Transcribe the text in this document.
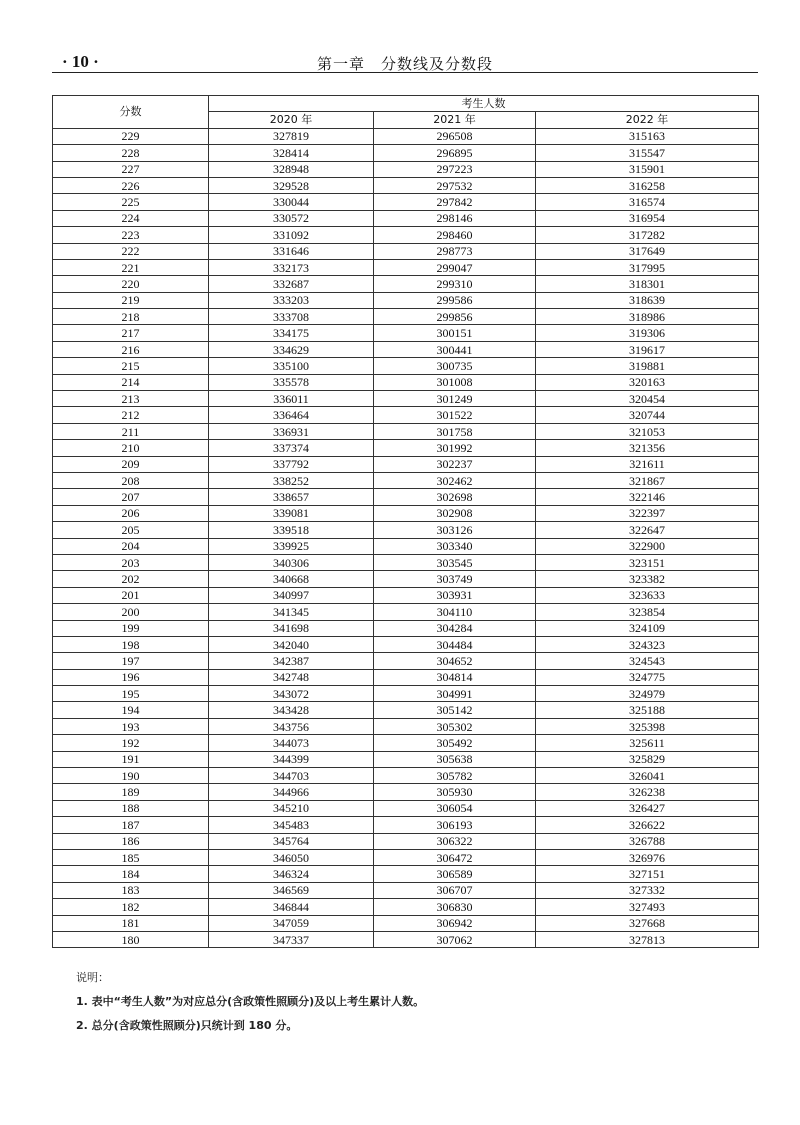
· 10 ·	第一章　分数线及分数段
分数	考生人数		
	2020 年	2021 年	2022 年
229	327819	296508	315163
228	328414	296895	315547
227	328948	297223	315901
226	329528	297532	316258
225	330044	297842	316574
224	330572	298146	316954
223	331092	298460	317282
222	331646	298773	317649
221	332173	299047	317995
220	332687	299310	318301
219	333203	299586	318639
218	333708	299856	318986
217	334175	300151	319306
216	334629	300441	319617
215	335100	300735	319881
214	335578	301008	320163
213	336011	301249	320454
212	336464	301522	320744
211	336931	301758	321053
210	337374	301992	321356
209	337792	302237	321611
208	338252	302462	321867
207	338657	302698	322146
206	339081	302908	322397
205	339518	303126	322647
204	339925	303340	322900
203	340306	303545	323151
202	340668	303749	323382
201	340997	303931	323633
200	341345	304110	323854
199	341698	304284	324109
198	342040	304484	324323
197	342387	304652	324543
196	342748	304814	324775
195	343072	304991	324979
194	343428	305142	325188
193	343756	305302	325398
192	344073	305492	325611
191	344399	305638	325829
190	344703	305782	326041
189	344966	305930	326238
188	345210	306054	326427
187	345483	306193	326622
186	345764	306322	326788
185	346050	306472	326976
184	346324	306589	327151
183	346569	306707	327332
182	346844	306830	327493
181	347059	306942	327668
180	347337	307062	327813
说明：
1. 表中“考生人数”为对应总分(含政策性照顾分)及以上考生累计人数。
2. 总分(含政策性照顾分)只统计到 180 分。
